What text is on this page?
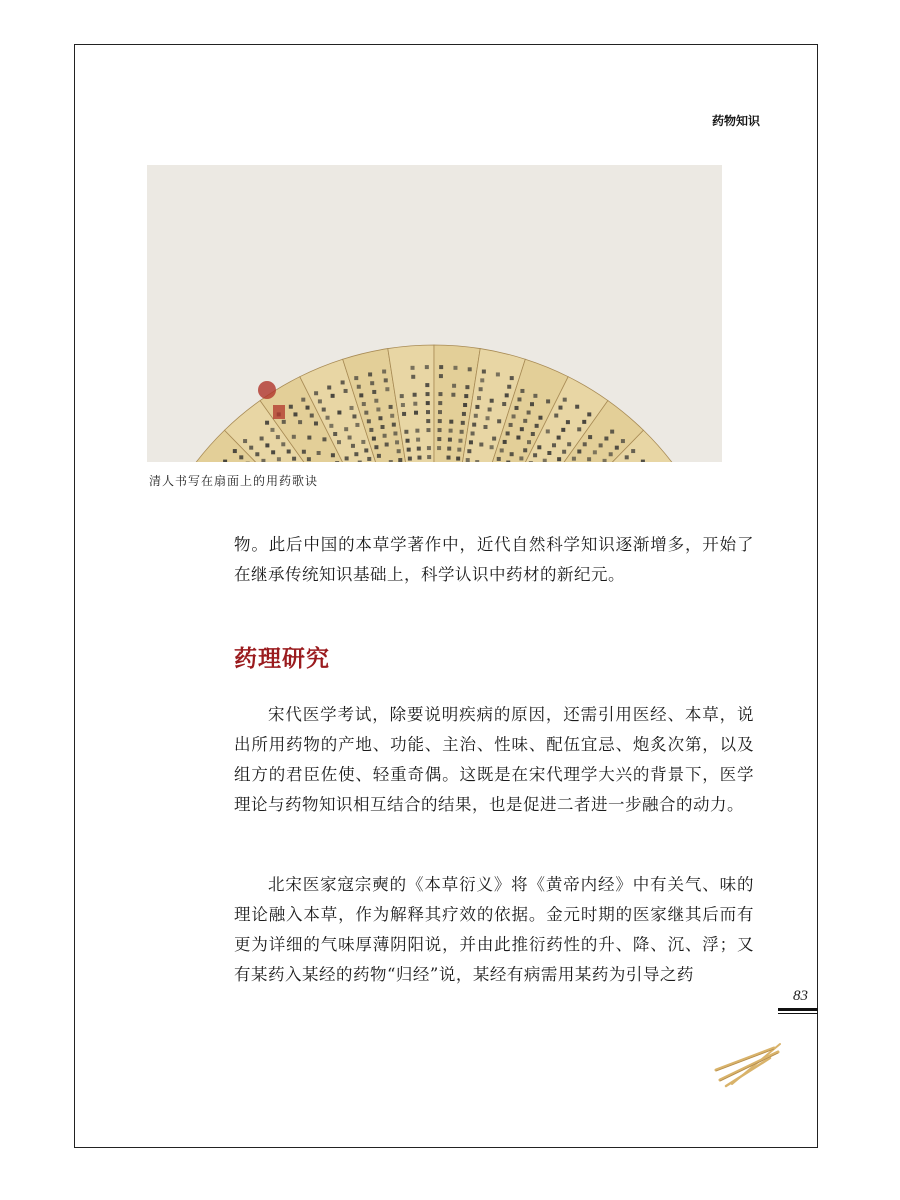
药物知识
清人书写在扇面上的用药歌诀

物。此后中国的本草学著作中，近代自然科学知识逐渐增多，开始了在继承传统知识基础上，科学认识中药材的新纪元。

药理研究

宋代医学考试，除要说明疾病的原因，还需引用医经、本草，说出所用药物的产地、功能、主治、性味、配伍宜忌、炮炙次第，以及组方的君臣佐使、轻重奇偶。这既是在宋代理学大兴的背景下，医学理论与药物知识相互结合的结果，也是促进二者进一步融合的动力。

北宋医家寇宗奭的《本草衍义》将《黄帝内经》中有关气、味的理论融入本草，作为解释其疗效的依据。金元时期的医家继其后而有更为详细的气味厚薄阴阳说，并由此推衍药性的升、降、沉、浮；又有某药入某经的药物“归经”说，某经有病需用某药为引导之药

83
